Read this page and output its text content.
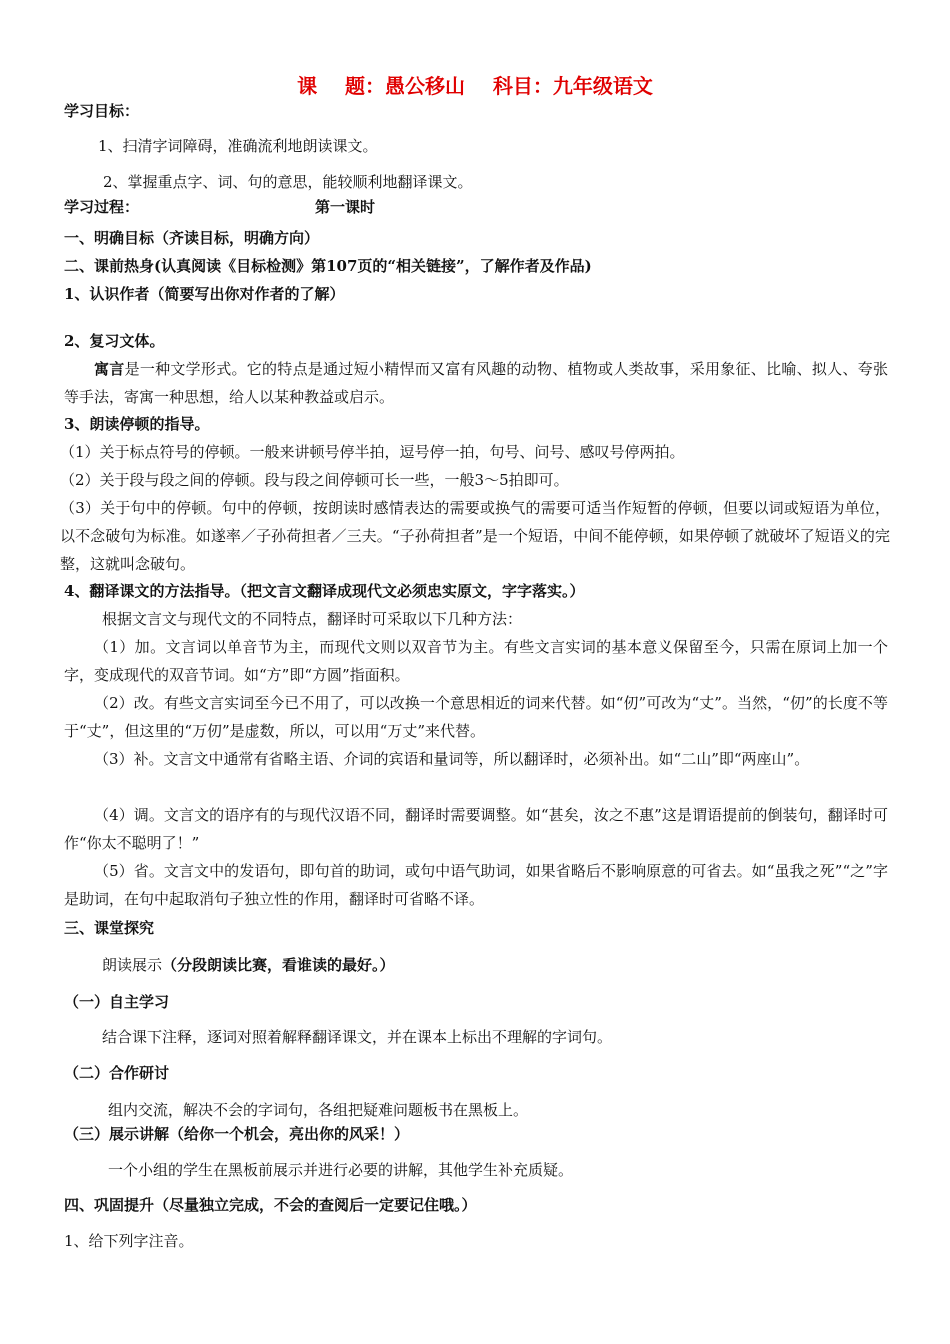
课    题：愚公移山    科目：九年级语文
学习目标：
1、扫清字词障碍，准确流利地朗读课文。
2、掌握重点字、词、句的意思，能较顺利地翻译课文。
学习过程：	第一课时
一、明确目标（齐读目标，明确方向）
二、课前热身(认真阅读《目标检测》第107页的“相关链接”，了解作者及作品)
1、认识作者（简要写出你对作者的了解）
2、复习文体。

寓言是一种文学形式。它的特点是通过短小精悍而又富有风趣的动物、植物或人类故事，采用象征、比喻、拟人、夸张等手法，寄寓一种思想，给人以某种教益或启示。

3、朗读停顿的指导。

（1）关于标点符号的停顿。一般来讲顿号停半拍，逗号停一拍，句号、问号、感叹号停两拍。

（2）关于段与段之间的停顿。段与段之间停顿可长一些，一般3～5拍即可。

（3）关于句中的停顿。句中的停顿，按朗读时感情表达的需要或换气的需要可适当作短暂的停顿，但要以词或短语为单位，以不念破句为标准。如遂率／子孙荷担者／三夫。“子孙荷担者”是一个短语，中间不能停顿，如果停顿了就破坏了短语义的完整，这就叫念破句。

4、翻译课文的方法指导。（把文言文翻译成现代文必须忠实原文，字字落实。）

根据文言文与现代文的不同特点，翻译时可采取以下几种方法：

（1）加。文言词以单音节为主，而现代文则以双音节为主。有些文言实词的基本意义保留至今，只需在原词上加一个字，变成现代的双音节词。如“方”即“方圆”指面积。

（2）改。有些文言实词至今已不用了，可以改换一个意思相近的词来代替。如“仞”可改为“丈”。当然，“仞”的长度不等于“丈”，但这里的“万仞”是虚数，所以，可以用“万丈”来代替。

（3）补。文言文中通常有省略主语、介词的宾语和量词等，所以翻译时，必须补出。如“二山”即“两座山”。

（4）调。文言文的语序有的与现代汉语不同，翻译时需要调整。如“甚矣，汝之不惠”这是谓语提前的倒装句，翻译时可作“你太不聪明了！”

（5）省。文言文中的发语句，即句首的助词，或句中语气助词，如果省略后不影响原意的可省去。如“虽我之死”“之”字是助词，在句中起取消句子独立性的作用，翻译时可省略不译。

三、课堂探究
朗读展示（分段朗读比赛，看谁读的最好。）
（一）自主学习
结合课下注释，逐词对照着解释翻译课文，并在课本上标出不理解的字词句。
（二）合作研讨
组内交流，解决不会的字词句，各组把疑难问题板书在黑板上。
（三）展示讲解（给你一个机会，亮出你的风采！）
一个小组的学生在黑板前展示并进行必要的讲解，其他学生补充质疑。
四、巩固提升（尽量独立完成，不会的查阅后一定要记住哦。）
1、给下列字注音。
